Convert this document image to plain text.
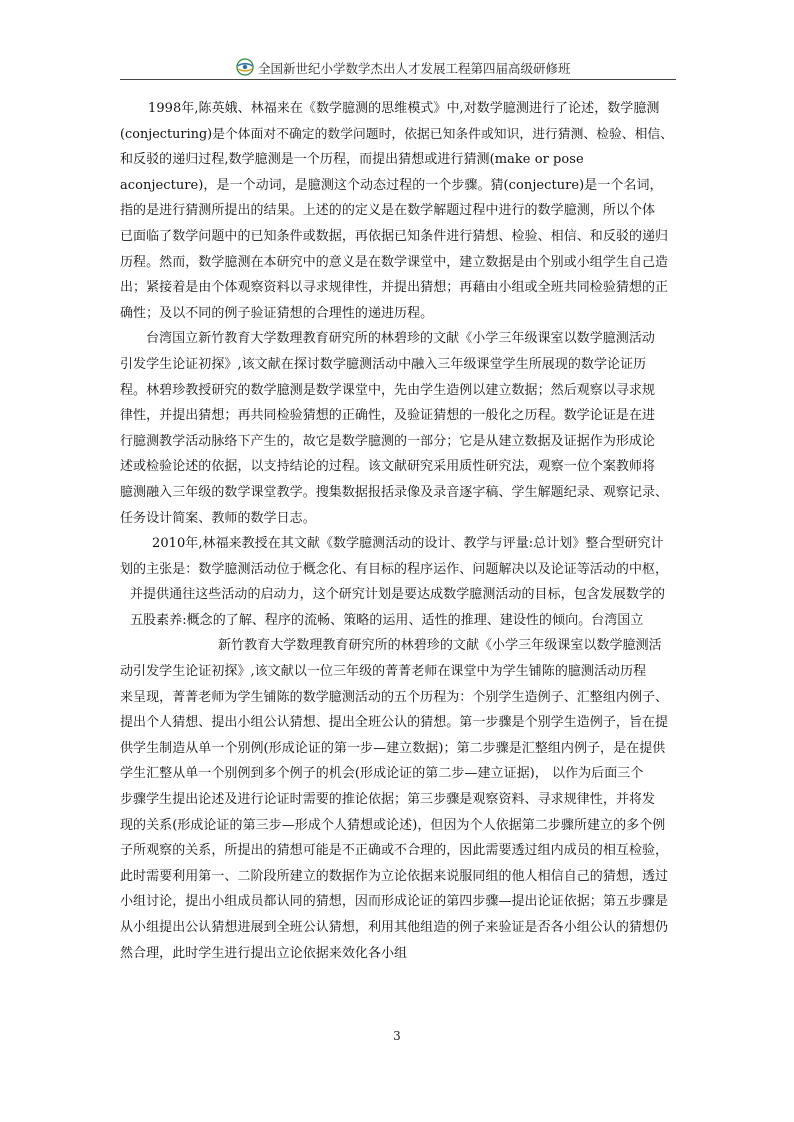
全国新世纪小学数学杰出人才发展工程第四届高级研修班

1998年,陈英娥、林福来在《数学臆测的思维模式》中,对数学臆测进行了论述，数学臆测
(conjecturing)是个体面对不确定的数学问题时，依据已知条件或知识，进行猜测、检验、相信、
和反驳的递归过程,数学臆测是一个历程，而提出猜想或进行猜测(make or pose
aconjecture)，是一个动词，是臆测这个动态过程的一个步骤。猜(conjecture)是一个名词，
指的是进行猜测所提出的结果。上述的的定义是在数学解题过程中进行的数学臆测，所以个体
已面临了数学问题中的已知条件或数据，再依据已知条件进行猜想、检验、相信、和反驳的递归
历程。然而，数学臆测在本研究中的意义是在数学课堂中，建立数据是由个别或小组学生自己造
出；紧接着是由个体观察资料以寻求规律性，并提出猜想；再藉由小组或全班共同检验猜想的正
确性；及以不同的例子验证猜想的合理性的递进历程。

台湾国立新竹教育大学数理教育研究所的林碧珍的文献《小学三年级课室以数学臆测活动
引发学生论证初探》,该文献在探讨数学臆测活动中融入三年级课堂学生所展现的数学论证历
程。林碧珍教授研究的数学臆测是数学课堂中，先由学生造例以建立数据；然后观察以寻求规
律性，并提出猜想；再共同检验猜想的正确性，及验证猜想的一般化之历程。数学论证是在进
行臆测教学活动脉络下产生的，故它是数学臆测的一部分；它是从建立数据及证据作为形成论
述或检验论述的依据，以支持结论的过程。该文献研究采用质性研究法，观察一位个案教师将
臆测融入三年级的数学课堂教学。搜集数据报括录像及录音逐字稿、学生解题纪录、观察记录、
任务设计简案、教师的数学日志。

2010年,林福来教授在其文献《数学臆测活动的设计、教学与评量:总计划》整合型研究计
划的主张是：数学臆测活动位于概念化、有目标的程序运作、问题解决以及论证等活动的中枢，
并提供通往这些活动的启动力，这个研究计划是要达成数学臆测活动的目标，包含发展数学的
五股素养:概念的了解、程序的流畅、策略的运用、适性的推理、建设性的倾向。台湾国立
新竹教育大学数理教育研究所的林碧珍的文献《小学三年级课室以数学臆测活
动引发学生论证初探》,该文献以一位三年级的菁菁老师在课堂中为学生铺陈的臆测活动历程
来呈现，菁菁老师为学生铺陈的数学臆测活动的五个历程为：个别学生造例子、汇整组内例子、
提出个人猜想、提出小组公认猜想、提出全班公认的猜想。第一步骤是个别学生造例子，旨在提
供学生制造从单一个别例(形成论证的第一步—建立数据)；第二步骤是汇整组内例子，是在提供
学生汇整从单一个别例到多个例子的机会(形成论证的第二步—建立证据)， 以作为后面三个
步骤学生提出论述及进行论证时需要的推论依据；第三步骤是观察资料、寻求规律性，并将发
现的关系(形成论证的第三步—形成个人猜想或论述)，但因为个人依据第二步骤所建立的多个例
子所观察的关系，所提出的猜想可能是不正确或不合理的，因此需要透过组内成员的相互检验，
此时需要利用第一、二阶段所建立的数据作为立论依据来说服同组的他人相信自己的猜想，透过
小组讨论，提出小组成员都认同的猜想，因而形成论证的第四步骤—提出论证依据；第五步骤是
从小组提出公认猜想进展到全班公认猜想，利用其他组造的例子来验证是否各小组公认的猜想仍
然合理，此时学生进行提出立论依据来效化各小组

3
